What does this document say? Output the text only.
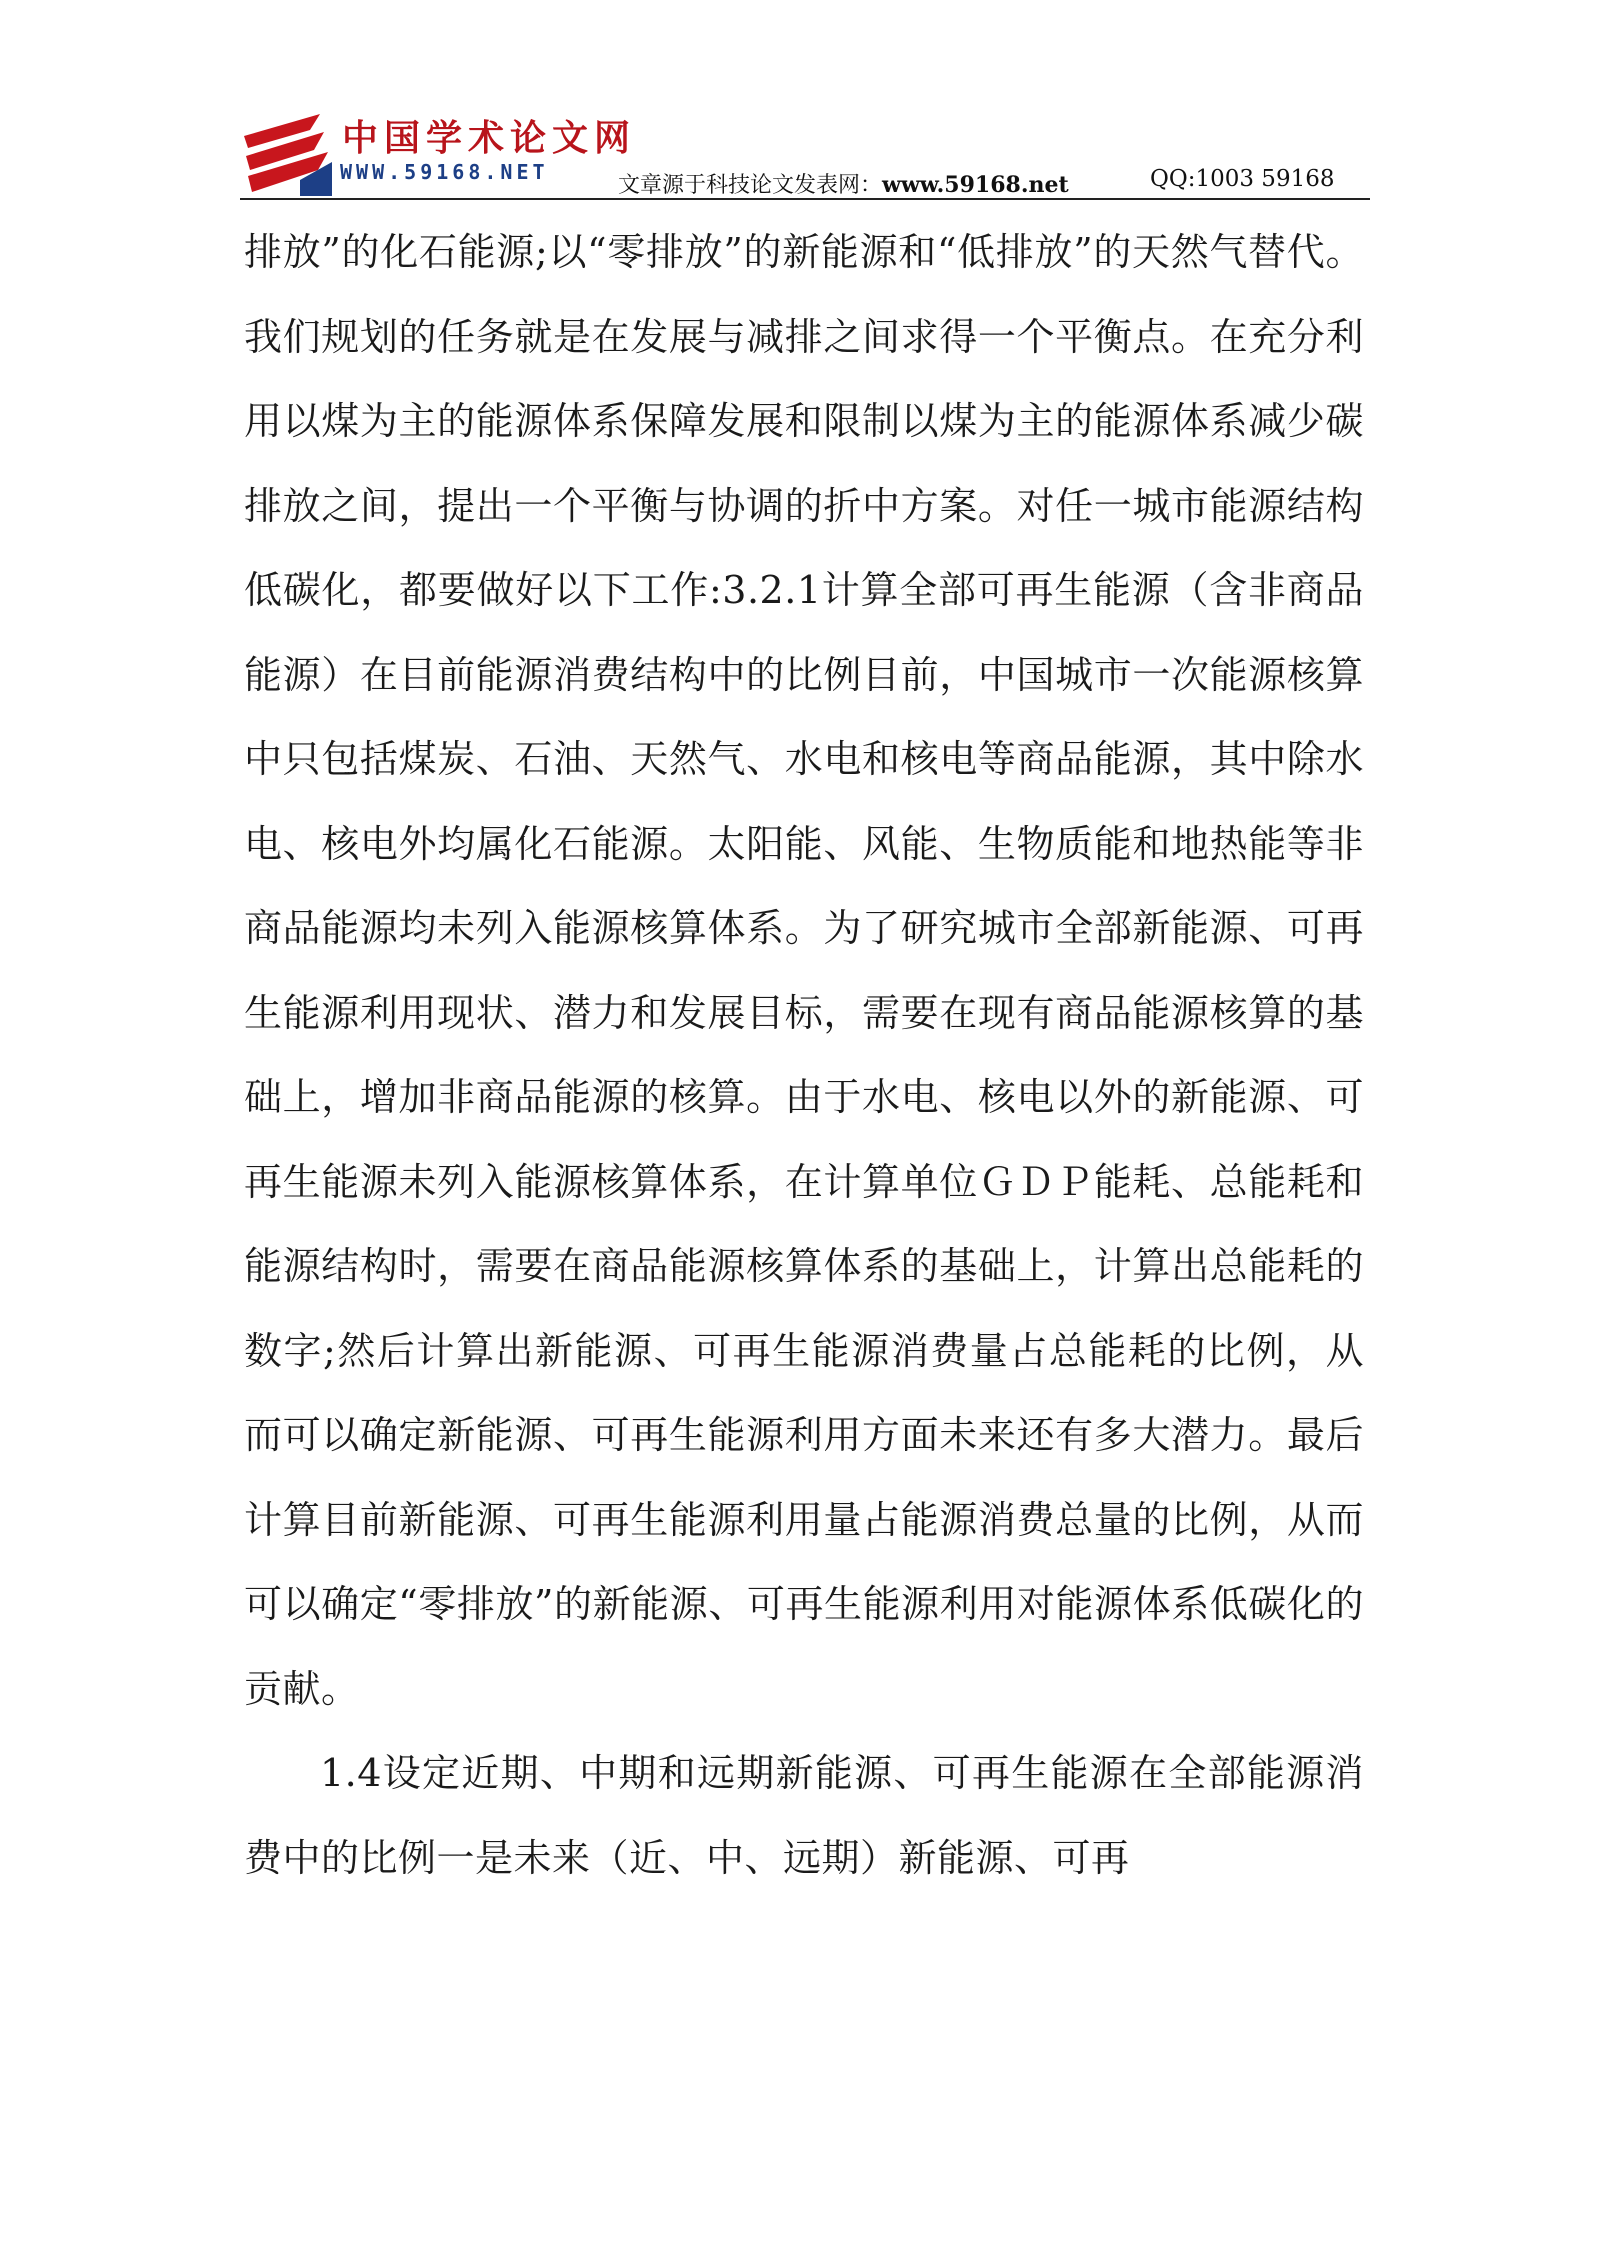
中国学术论文网
WWW.59168.NET
文章源于科技论文发表网：www.59168.net	QQ:1003 59168

排放”的化石能源;以“零排放”的新能源和“低排放”的天然气替代。我们规划的任务就是在发展与减排之间求得一个平衡点。在充分利用以煤为主的能源体系保障发展和限制以煤为主的能源体系减少碳排放之间，提出一个平衡与协调的折中方案。对任一城市能源结构低碳化，都要做好以下工作:3.2.1计算全部可再生能源（含非商品能源）在目前能源消费结构中的比例目前，中国城市一次能源核算中只包括煤炭、石油、天然气、水电和核电等商品能源，其中除水电、核电外均属化石能源。太阳能、风能、生物质能和地热能等非商品能源均未列入能源核算体系。为了研究城市全部新能源、可再生能源利用现状、潜力和发展目标，需要在现有商品能源核算的基础上，增加非商品能源的核算。由于水电、核电以外的新能源、可再生能源未列入能源核算体系，在计算单位ＧＤＰ能耗、总能耗和能源结构时，需要在商品能源核算体系的基础上，计算出总能耗的数字;然后计算出新能源、可再生能源消费量占总能耗的比例，从而可以确定新能源、可再生能源利用方面未来还有多大潜力。最后计算目前新能源、可再生能源利用量占能源消费总量的比例，从而可以确定“零排放”的新能源、可再生能源利用对能源体系低碳化的贡献。

1.4设定近期、中期和远期新能源、可再生能源在全部能源消费中的比例一是未来（近、中、远期）新能源、可再
